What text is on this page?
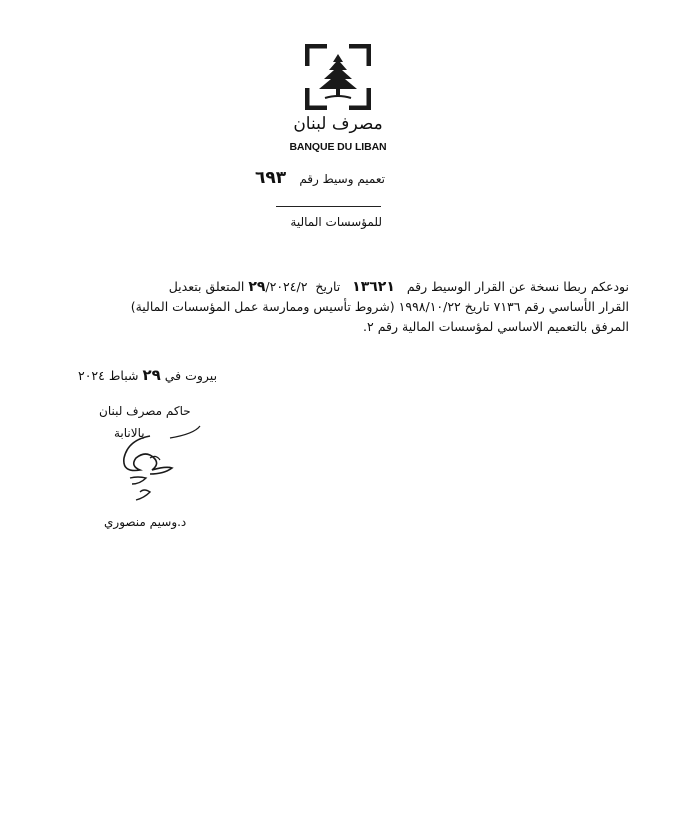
مصرف لبنان
BANQUE DU LIBAN
٦٩٣ تعميم وسيط رقم
للمؤسسات المالية
نودعكم ربطا نسخة عن القرار الوسيط رقم   ١٣٦٢١   تاريخ  ٢٩/٢٠٢٤/٢ المتعلق بتعديل
القرار الأساسي رقم ٧١٣٦ تاريخ ١٩٩٨/١٠/٢٢ (شروط تأسيس وممارسة عمل المؤسسات المالية)
المرفق بالتعميم الاساسي لمؤسسات المالية رقم ٢.
بيروت في ٢٩ شباط ٢٠٢٤
حاكم مصرف لبنان
بالانابة
د.وسيم منصوري
